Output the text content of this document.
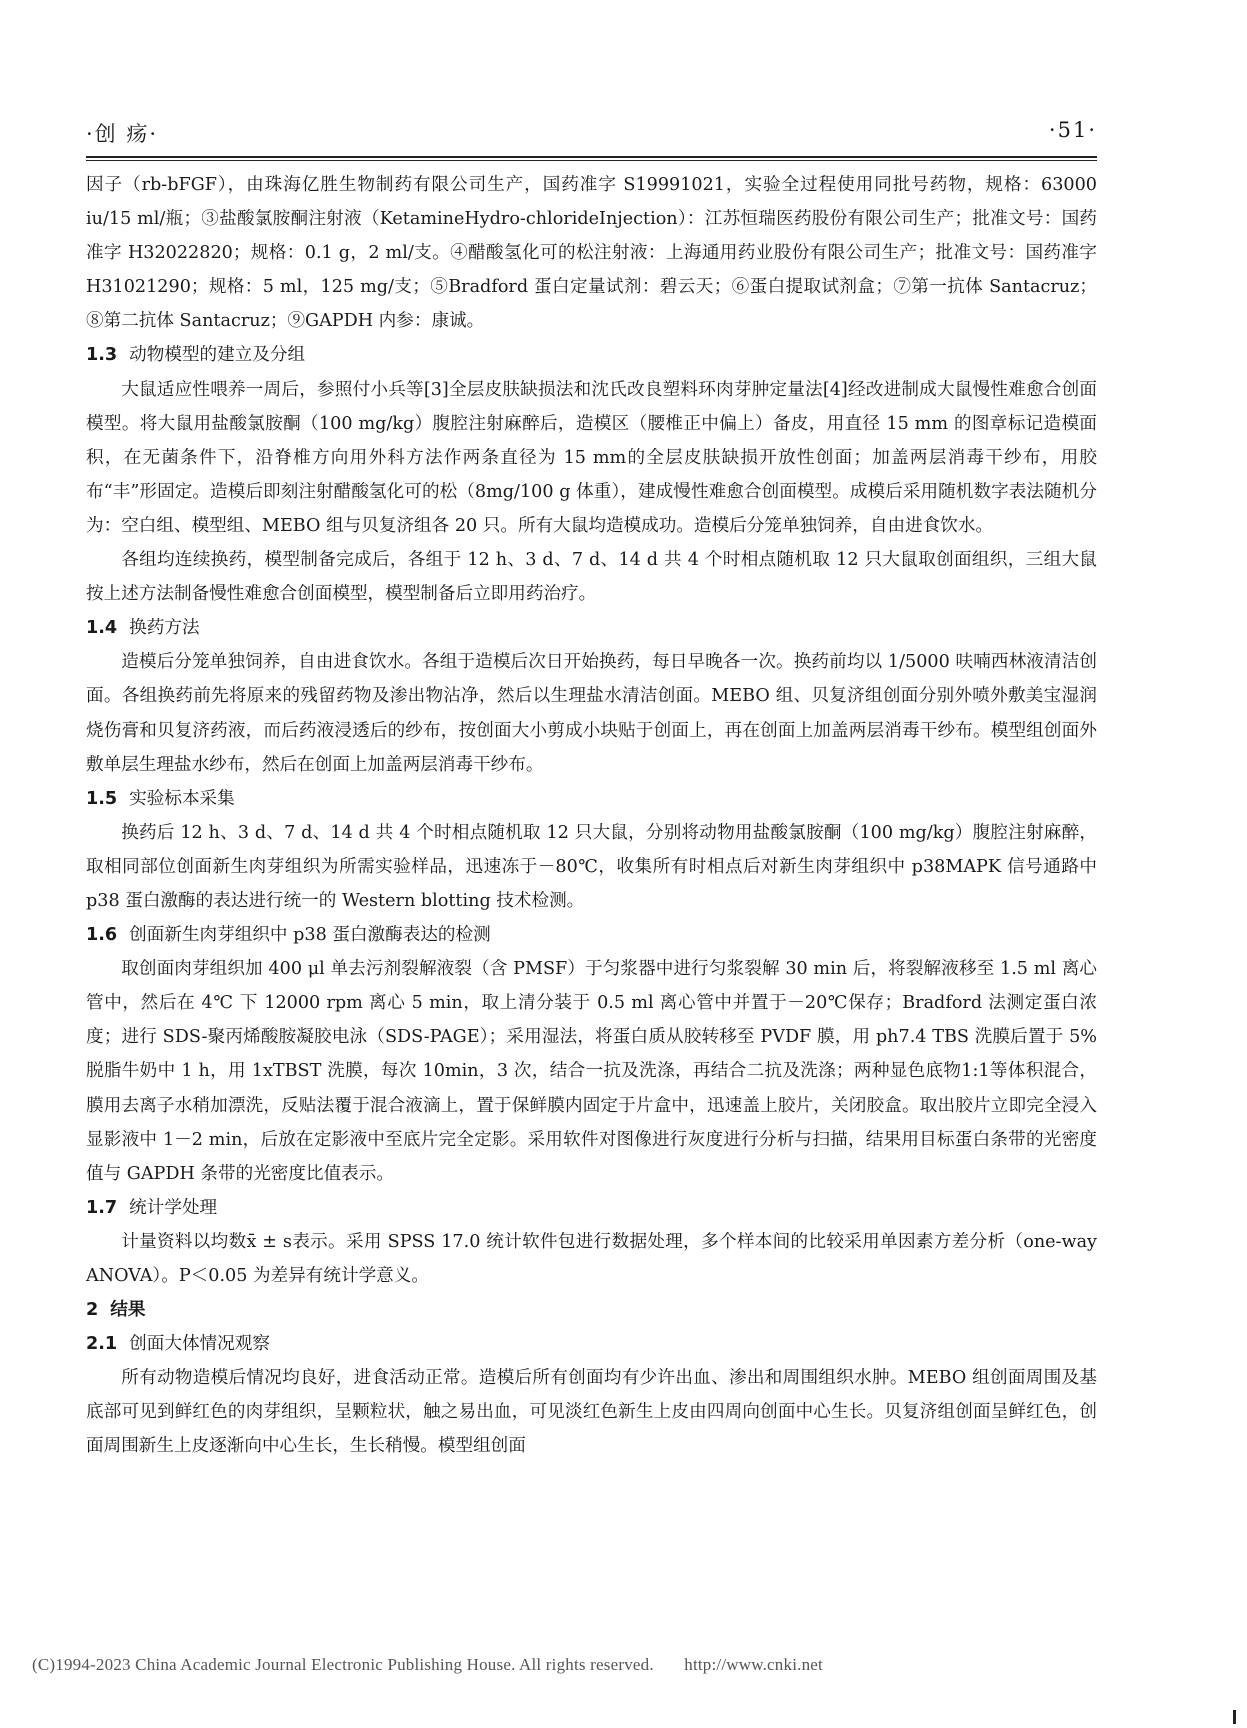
·创 疡·	·51·

因子（rb-bFGF），由珠海亿胜生物制药有限公司生产，国药准字 S19991021，实验全过程使用同批号药物，规格：63000 iu/15 ml/瓶；③盐酸氯胺酮注射液（KetamineHydro-chlorideInjection）：江苏恒瑞医药股份有限公司生产；批准文号：国药准字 H32022820；规格：0.1 g，2 ml/支。④醋酸氢化可的松注射液：上海通用药业股份有限公司生产；批准文号：国药准字 H31021290；规格：5 ml，125 mg/支；⑤Bradford 蛋白定量试剂：碧云天；⑥蛋白提取试剂盒；⑦第一抗体 Santacruz；⑧第二抗体 Santacruz；⑨GAPDH 内参：康诚。

1.3 动物模型的建立及分组

大鼠适应性喂养一周后，参照付小兵等[3]全层皮肤缺损法和沈氏改良塑料环肉芽肿定量法[4]经改进制成大鼠慢性难愈合创面模型。将大鼠用盐酸氯胺酮（100 mg/kg）腹腔注射麻醉后，造模区（腰椎正中偏上）备皮，用直径 15 mm 的图章标记造模面积，在无菌条件下，沿脊椎方向用外科方法作两条直径为 15 mm的全层皮肤缺损开放性创面；加盖两层消毒干纱布，用胶布“丰”形固定。造模后即刻注射醋酸氢化可的松（8mg/100 g 体重），建成慢性难愈合创面模型。成模后采用随机数字表法随机分为：空白组、模型组、MEBO 组与贝复济组各 20 只。所有大鼠均造模成功。造模后分笼单独饲养，自由进食饮水。

各组均连续换药，模型制备完成后，各组于 12 h、3 d、7 d、14 d 共 4 个时相点随机取 12 只大鼠取创面组织，三组大鼠按上述方法制备慢性难愈合创面模型，模型制备后立即用药治疗。

1.4 换药方法

造模后分笼单独饲养，自由进食饮水。各组于造模后次日开始换药，每日早晚各一次。换药前均以 1/5000 呋喃西林液清洁创面。各组换药前先将原来的残留药物及渗出物沾净，然后以生理盐水清洁创面。MEBO 组、贝复济组创面分别外喷外敷美宝湿润烧伤膏和贝复济药液，而后药液浸透后的纱布，按创面大小剪成小块贴于创面上，再在创面上加盖两层消毒干纱布。模型组创面外敷单层生理盐水纱布，然后在创面上加盖两层消毒干纱布。

1.5 实验标本采集

换药后 12 h、3 d、7 d、14 d 共 4 个时相点随机取 12 只大鼠，分别将动物用盐酸氯胺酮（100 mg/kg）腹腔注射麻醉，取相同部位创面新生肉芽组织为所需实验样品，迅速冻于－80℃，收集所有时相点后对新生肉芽组织中 p38MAPK 信号通路中 p38 蛋白激酶的表达进行统一的 Western blotting 技术检测。

1.6 创面新生肉芽组织中 p38 蛋白激酶表达的检测

取创面肉芽组织加 400 μl 单去污剂裂解液裂（含 PMSF）于匀浆器中进行匀浆裂解 30 min 后，将裂解液移至 1.5 ml 离心管中，然后在 4℃ 下 12000 rpm 离心 5 min，取上清分装于 0.5 ml 离心管中并置于－20℃保存；Bradford 法测定蛋白浓度；进行 SDS-聚丙烯酸胺凝胶电泳（SDS-PAGE）；采用湿法，将蛋白质从胶转移至 PVDF 膜，用 ph7.4 TBS 洗膜后置于 5% 脱脂牛奶中 1 h，用 1xTBST 洗膜，每次 10min，3 次，结合一抗及洗涤，再结合二抗及洗涤；两种显色底物1:1等体积混合，膜用去离子水稍加漂洗，反贴法覆于混合液滴上，置于保鲜膜内固定于片盒中，迅速盖上胶片，关闭胶盒。取出胶片立即完全浸入显影液中 1－2 min，后放在定影液中至底片完全定影。采用软件对图像进行灰度进行分析与扫描，结果用目标蛋白条带的光密度值与 GAPDH 条带的光密度比值表示。

1.7 统计学处理

计量资料以均数x̄ ± s表示。采用 SPSS 17.0 统计软件包进行数据处理，多个样本间的比较采用单因素方差分析（one-way ANOVA）。P＜0.05 为差异有统计学意义。

2 结果
2.1 创面大体情况观察

所有动物造模后情况均良好，进食活动正常。造模后所有创面均有少许出血、渗出和周围组织水肿。MEBO 组创面周围及基底部可见到鲜红色的肉芽组织，呈颗粒状，触之易出血，可见淡红色新生上皮由四周向创面中心生长。贝复济组创面呈鲜红色，创面周围新生上皮逐渐向中心生长，生长稍慢。模型组创面

(C)1994-2023 China Academic Journal Electronic Publishing House. All rights reserved. http://www.cnki.net
